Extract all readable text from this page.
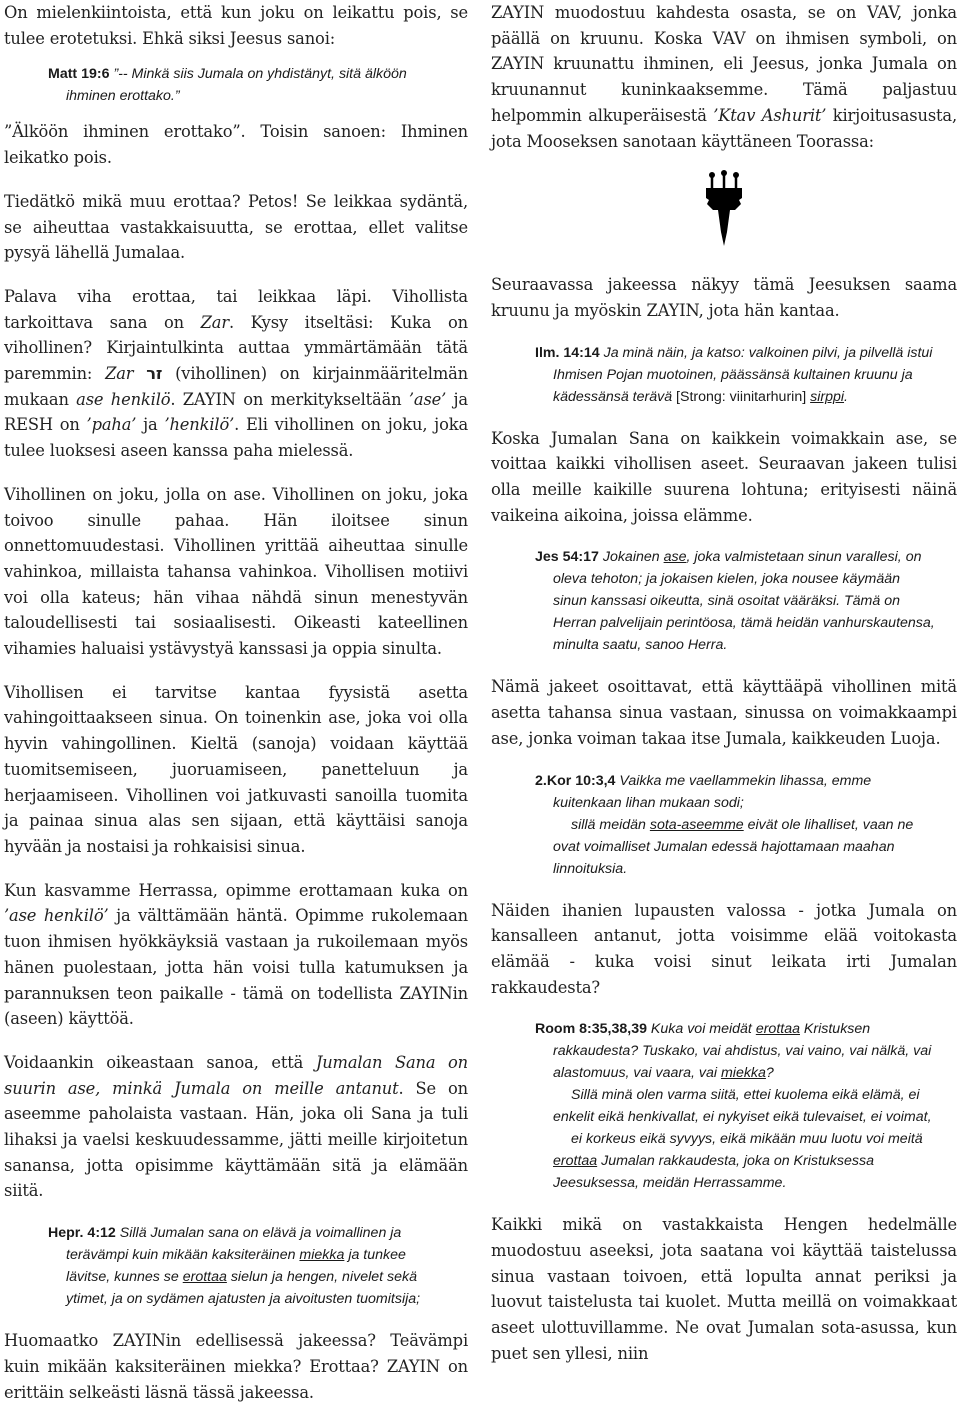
On mielenkiintoista, että kun joku on leikattu pois, se tulee erotetuksi. Ehkä siksi Jeesus sanoi:

Matt 19:6 ”-- Minkä siis Jumala on yhdistänyt, sitä älköön ihminen erottako.”

”Älköön ihminen erottako”. Toisin sanoen: Ihminen leikatko pois.

Tiedätkö mikä muu erottaa? Petos! Se leikkaa sydäntä, se aiheuttaa vastakkaisuutta, se erottaa, ellet valitse pysyä lähellä Jumalaa.

Palava viha erottaa, tai leikkaa läpi. Vihollista tarkoittava sana on Zar. Kysy itseltäsi: Kuka on vihollinen? Kirjaintulkinta auttaa ymmärtämään tätä paremmin: Zar זר (vihollinen) on kirjainmääritelmän mukaan ase henkilö. ZAYIN on merkitykseltään ’ase’ ja RESH on ’paha’ ja ’henkilö’. Eli vihollinen on joku, joka tulee luoksesi aseen kanssa paha mielessä.

Vihollinen on joku, jolla on ase. Vihollinen on joku, joka toivoo sinulle pahaa. Hän iloitsee sinun onnettomuudestasi. Vihollinen yrittää aiheuttaa sinulle vahinkoa, millaista tahansa vahinkoa. Vihollisen motiivi voi olla kateus; hän vihaa nähdä sinun menestyvän taloudellisesti tai sosiaalisesti. Oikeasti kateellinen vihamies haluaisi ystävystyä kanssasi ja oppia sinulta.

Vihollisen ei tarvitse kantaa fyysistä asetta vahingoittaakseen sinua. On toinenkin ase, joka voi olla hyvin vahingollinen. Kieltä (sanoja) voidaan käyttää tuomitsemiseen, juoruamiseen, panetteluun ja herjaamiseen. Vihollinen voi jatkuvasti sanoilla tuomita ja painaa sinua alas sen sijaan, että käyttäisi sanoja hyvään ja nostaisi ja rohkaisisi sinua.

Kun kasvamme Herrassa, opimme erottamaan kuka on ’ase henkilö’ ja välttämään häntä. Opimme rukolemaan tuon ihmisen hyökkäyksiä vastaan ja rukoilemaan myös hänen puolestaan, jotta hän voisi tulla katumuksen ja parannuksen teon paikalle - tämä on todellista ZAYINin (aseen) käyttöä.

Voidaankin oikeastaan sanoa, että Jumalan Sana on suurin ase, minkä Jumala on meille antanut. Se on aseemme paholaista vastaan. Hän, joka oli Sana ja tuli lihaksi ja vaelsi keskuudessamme, jätti meille kirjoitetun sanansa, jotta opisimme käyttämään sitä ja elämään siitä.

Hepr. 4:12 Sillä Jumalan sana on elävä ja voimallinen ja terävämpi kuin mikään kaksiteräinen miekka ja tunkee lävitse, kunnes se erottaa sielun ja hengen, nivelet sekä ytimet, ja on sydämen ajatusten ja aivoitusten tuomitsija;

Huomaatko ZAYINin edellisessä jakeessa? Teävämpi kuin mikään kaksiteräinen miekka? Erottaa? ZAYIN on erittäin selkeästi läsnä tässä jakeessa.

ZAYIN muodostuu kahdesta osasta, se on VAV, jonka päällä on kruunu. Koska VAV on ihmisen symboli, on ZAYIN kruunattu ihminen, eli Jeesus, jonka Jumala on kruunannut kuninkaaksemme. Tämä paljastuu helpommin alkuperäisestä ’Ktav Ashurit’ kirjoitusasusta, jota Mooseksen sanotaan käyttäneen Toorassa:

Seuraavassa jakeessa näkyy tämä Jeesuksen saama kruunu ja myöskin ZAYIN, jota hän kantaa.

Ilm. 14:14 Ja minä näin, ja katso: valkoinen pilvi, ja pilvellä istui Ihmisen Pojan muotoinen, päässänsä kultainen kruunu ja kädessänsä terävä [Strong: viinitarhurin] sirppi.

Koska Jumalan Sana on kaikkein voimakkain ase, se voittaa kaikki vihollisen aseet. Seuraavan jakeen tulisi olla meille kaikille suurena lohtuna; erityisesti näinä vaikeina aikoina, joissa elämme.

Jes 54:17 Jokainen ase, joka valmistetaan sinun varallesi, on oleva tehoton; ja jokaisen kielen, joka nousee käymään sinun kanssasi oikeutta, sinä osoitat vääräksi. Tämä on Herran palvelijain perintöosa, tämä heidän vanhurskautensa, minulta saatu, sanoo Herra.

Nämä jakeet osoittavat, että käyttääpä vihollinen mitä asetta tahansa sinua vastaan, sinussa on voimakkaampi ase, jonka voiman takaa itse Jumala, kaikkeuden Luoja.

2.Kor 10:3,4 Vaikka me vaellammekin lihassa, emme kuitenkaan lihan mukaan sodi;

sillä meidän sota-aseemme eivät ole lihalliset, vaan ne ovat voimalliset Jumalan edessä hajottamaan maahan linnoituksia.

Näiden ihanien lupausten valossa - jotka Jumala on kansalleen antanut, jotta voisimme elää voitokasta elämää - kuka voisi sinut leikata irti Jumalan rakkaudesta?

Room 8:35,38,39 Kuka voi meidät erottaa Kristuksen rakkaudesta? Tuskako, vai ahdistus, vai vaino, vai nälkä, vai alastomuus, vai vaara, vai miekka?

Sillä minä olen varma siitä, ettei kuolema eikä elämä, ei enkelit eikä henkivallat, ei nykyiset eikä tulevaiset, ei voimat,

ei korkeus eikä syvyys, eikä mikään muu luotu voi meitä erottaa Jumalan rakkaudesta, joka on Kristuksessa Jeesuksessa, meidän Herrassamme.

Kaikki mikä on vastakkaista Hengen hedelmälle muodostuu aseeksi, jota saatana voi käyttää taistelussa sinua vastaan toivoen, että lopulta annat periksi ja luovut taistelusta tai kuolet. Mutta meillä on voimakkaat aseet ulottuvillamme. Ne ovat Jumalan sota-asussa, kun puet sen yllesi, niin
